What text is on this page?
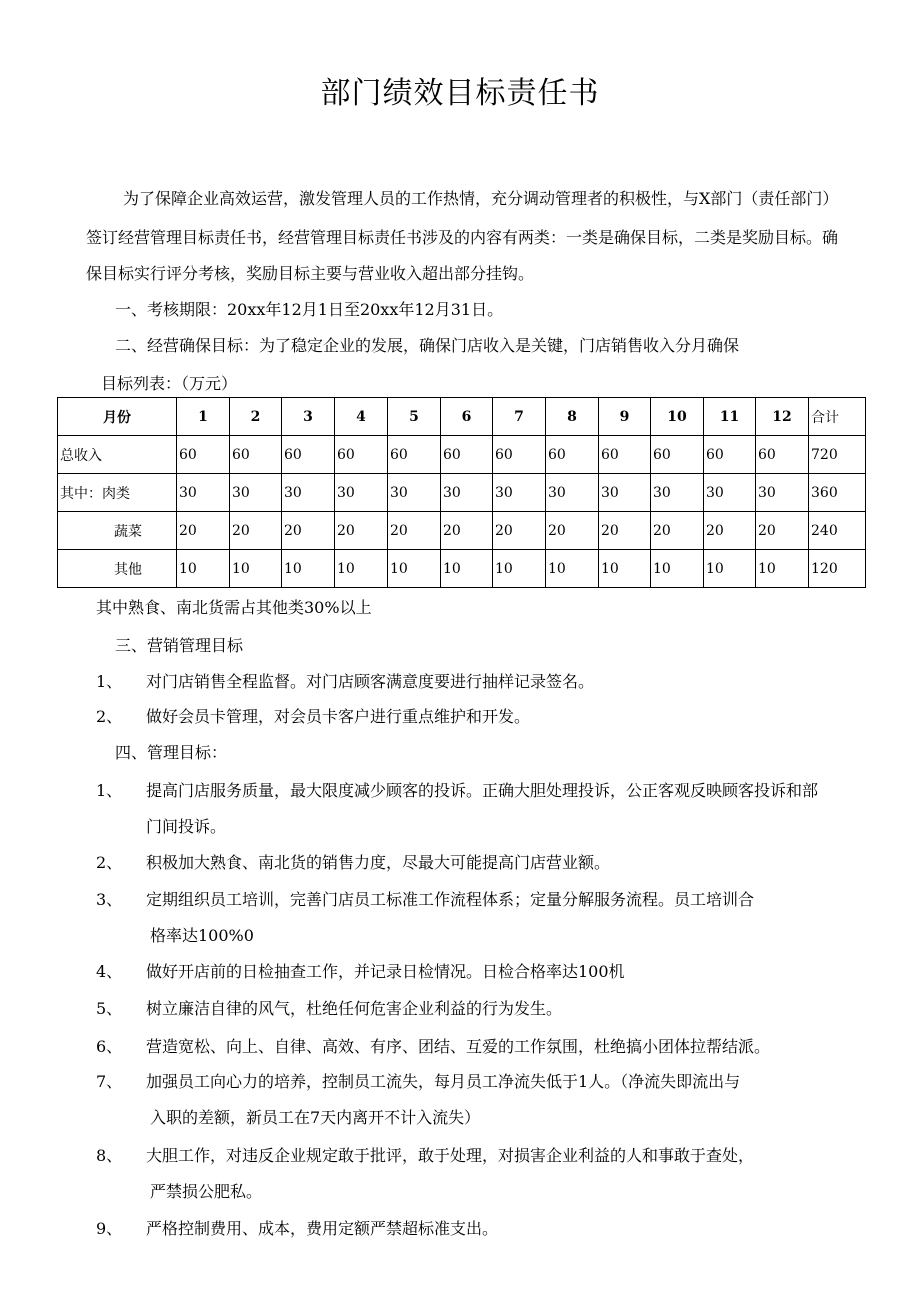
部门绩效目标责任书
为了保障企业高效运营，激发管理人员的工作热情，充分调动管理者的积极性，与X部门（责任部门）
签订经营管理目标责任书，经营管理目标责任书涉及的内容有两类：一类是确保目标，二类是奖励目标。确
保目标实行评分考核，奖励目标主要与营业收入超出部分挂钩。
一、考核期限：20xx年12月1日至20xx年12月31日。
二、经营确保目标：为了稳定企业的发展，确保门店收入是关键，门店销售收入分月确保
目标列表：（万元）
月份	1	2	3	4	5	6	7	8	9	10	11	12	合计
总收入	60	60	60	60	60	60	60	60	60	60	60	60	720
其中：肉类	30	30	30	30	30	30	30	30	30	30	30	30	360
蔬菜	20	20	20	20	20	20	20	20	20	20	20	20	240
其他	10	10	10	10	10	10	10	10	10	10	10	10	120
其中熟食、南北货需占其他类30%以上
三、营销管理目标
1、 对门店销售全程监督。对门店顾客满意度要进行抽样记录签名。
2、 做好会员卡管理，对会员卡客户进行重点维护和开发。
四、管理目标：
1、 提高门店服务质量，最大限度减少顾客的投诉。正确大胆处理投诉，公正客观反映顾客投诉和部
门间投诉。
2、 积极加大熟食、南北货的销售力度，尽最大可能提高门店营业额。
3、 定期组织员工培训，完善门店员工标准工作流程体系；定量分解服务流程。员工培训合
格率达100%0
4、 做好开店前的日检抽查工作，并记录日检情况。日检合格率达100机
5、 树立廉洁自律的风气，杜绝任何危害企业利益的行为发生。
6、 营造宽松、向上、自律、高效、有序、团结、互爱的工作氛围，杜绝搞小团体拉帮结派。
7、 加强员工向心力的培养，控制员工流失，每月员工净流失低于1人。（净流失即流出与
入职的差额，新员工在7天内离开不计入流失）
8、 大胆工作，对违反企业规定敢于批评，敢于处理，对损害企业利益的人和事敢于查处，
严禁损公肥私。
9、 严格控制费用、成本，费用定额严禁超标准支出。
